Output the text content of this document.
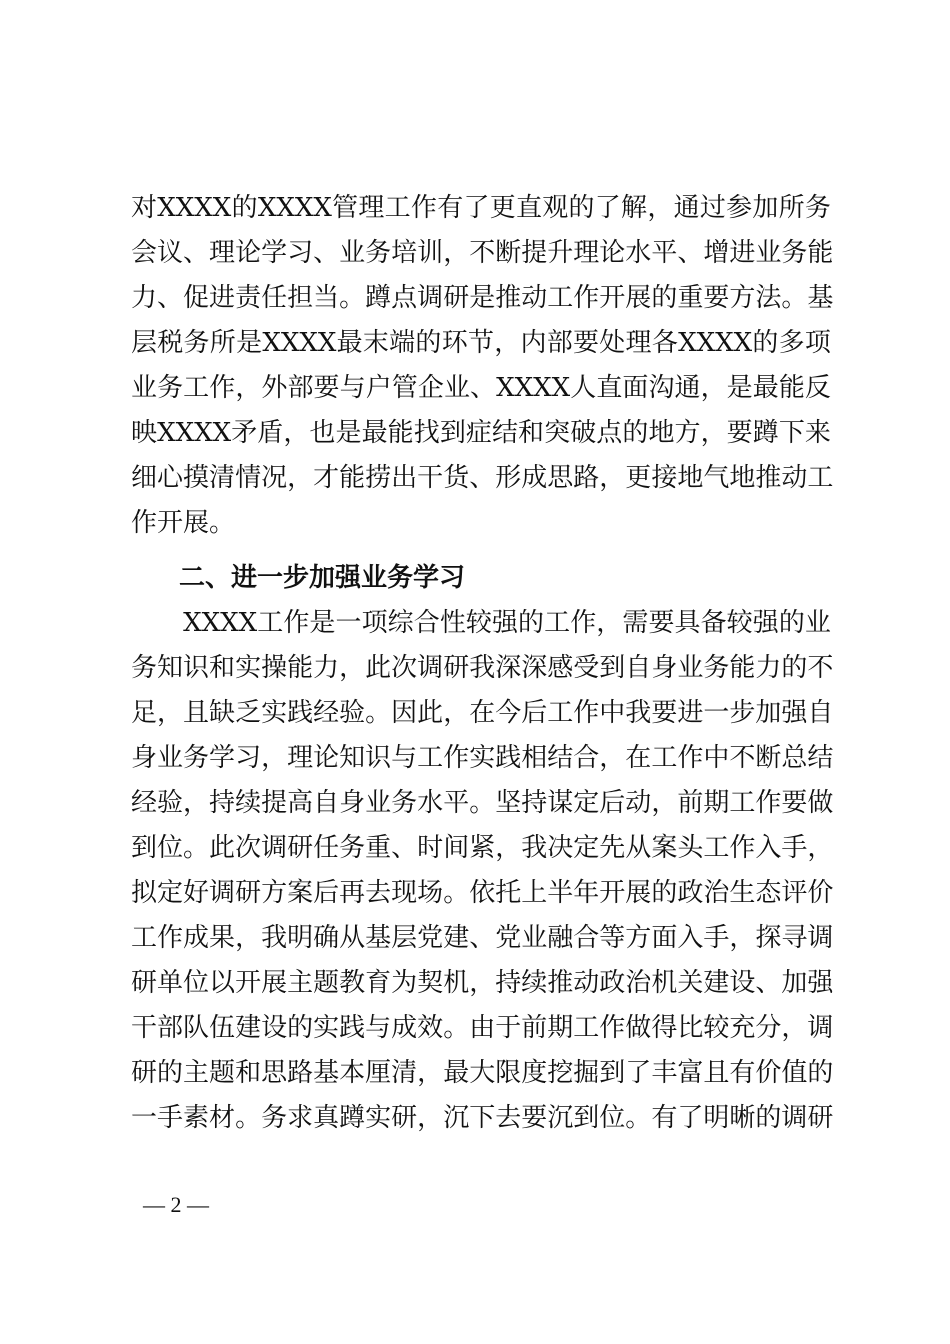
对 XXXX 的 XXXX 管 理 工 作 有 了 更 直 观 的 了 解 ， 通 过 参 加 所 务
会 议 、 理 论 学 习 、 业 务 培 训 ， 不 断 提 升 理 论 水 平 、 增 进 业 务 能
力 、 促 进 责 任 担 当 。 蹲 点 调 研 是 推 动 工 作 开 展 的 重 要 方 法 。 基
层 税 务 所 是 XXXX 最 末 端 的 环 节 ， 内 部 要 处 理 各 XXXX 的 多 项
业 务 工 作 ， 外 部 要 与 户 管 企 业 、 XXXX 人 直 面 沟 通 ， 是 最 能 反
映 XXXX 矛 盾 ， 也 是 最 能 找 到 症 结 和 突 破 点 的 地 方 ， 要 蹲 下 来
细 心 摸 清 情 况 ， 才 能 捞 出 干 货 、 形 成 思 路 ， 更 接 地 气 地 推 动 工
作开展。
二、进一步加强业务学习

XXXX 工 作 是 一 项 综 合 性 较 强 的 工 作 ， 需 要 具 备 较 强 的 业
务 知 识 和 实 操 能 力 ， 此 次 调 研 我 深 深 感 受 到 自 身 业 务 能 力 的 不
足 ， 且 缺 乏 实 践 经 验 。 因 此 ， 在 今 后 工 作 中 我 要 进 一 步 加 强 自
身 业 务 学 习 ， 理 论 知 识 与 工 作 实 践 相 结 合 ， 在 工 作 中 不 断 总 结
经 验 ， 持 续 提 高 自 身 业 务 水 平 。 坚 持 谋 定 后 动 ， 前 期 工 作 要 做
到 位 。 此 次 调 研 任 务 重 、 时 间 紧 ， 我 决 定 先 从 案 头 工 作 入 手 ，
拟 定 好 调 研 方 案 后 再 去 现 场 。 依 托 上 半 年 开 展 的 政 治 生 态 评 价
工 作 成 果 ， 我 明 确 从 基 层 党 建 、 党 业 融 合 等 方 面 入 手 ， 探 寻 调
研 单 位 以 开 展 主 题 教 育 为 契 机 ， 持 续 推 动 政 治 机 关 建 设 、 加 强
干 部 队 伍 建 设 的 实 践 与 成 效 。 由 于 前 期 工 作 做 得 比 较 充 分 ， 调
研 的 主 题 和 思 路 基 本 厘 清 ， 最 大 限 度 挖 掘 到 了 丰 富 且 有 价 值 的
一 手 素 材 。 务 求 真 蹲 实 研 ， 沉 下 去 要 沉 到 位 。 有 了 明 晰 的 调 研
— 2 —
